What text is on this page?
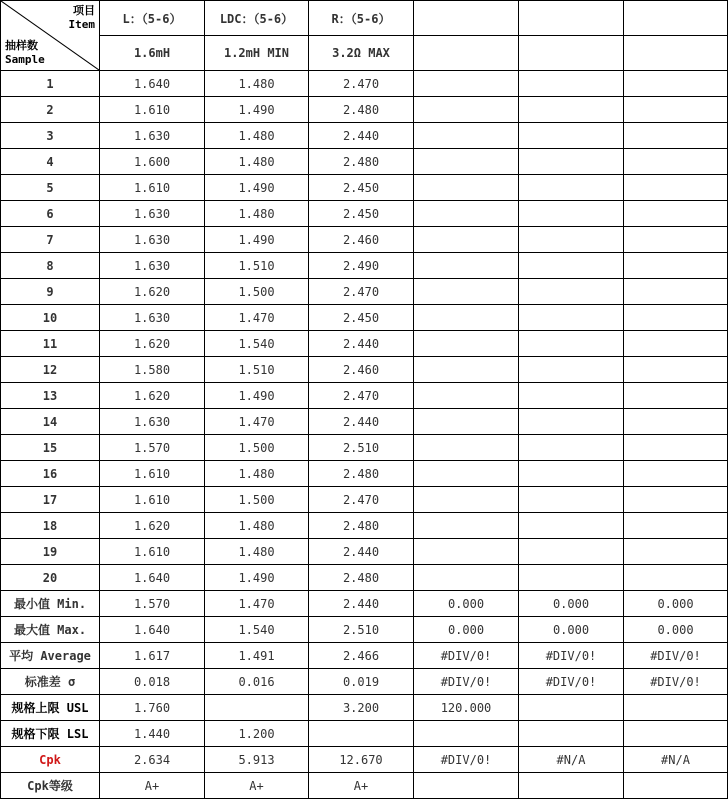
项目
Item
抽样数
Sample	L：（5-6）	LDC：（5-6）	R：（5-6）			
	1.6mH	1.2mH MIN	3.2Ω MAX			
1	1.640	1.480	2.470			
2	1.610	1.490	2.480			
3	1.630	1.480	2.440			
4	1.600	1.480	2.480			
5	1.610	1.490	2.450			
6	1.630	1.480	2.450			
7	1.630	1.490	2.460			
8	1.630	1.510	2.490			
9	1.620	1.500	2.470			
10	1.630	1.470	2.450			
11	1.620	1.540	2.440			
12	1.580	1.510	2.460			
13	1.620	1.490	2.470			
14	1.630	1.470	2.440			
15	1.570	1.500	2.510			
16	1.610	1.480	2.480			
17	1.610	1.500	2.470			
18	1.620	1.480	2.480			
19	1.610	1.480	2.440			
20	1.640	1.490	2.480			
最小值 Min.	1.570	1.470	2.440	0.000	0.000	0.000
最大值 Max.	1.640	1.540	2.510	0.000	0.000	0.000
平均 Average	1.617	1.491	2.466	#DIV/0!	#DIV/0!	#DIV/0!
标准差 σ	0.018	0.016	0.019	#DIV/0!	#DIV/0!	#DIV/0!
规格上限 USL	1.760		3.200	120.000		
规格下限 LSL	1.440	1.200				
Cpk	2.634	5.913	12.670	#DIV/0!	#N/A	#N/A
Cpk等级	A+	A+	A+			
